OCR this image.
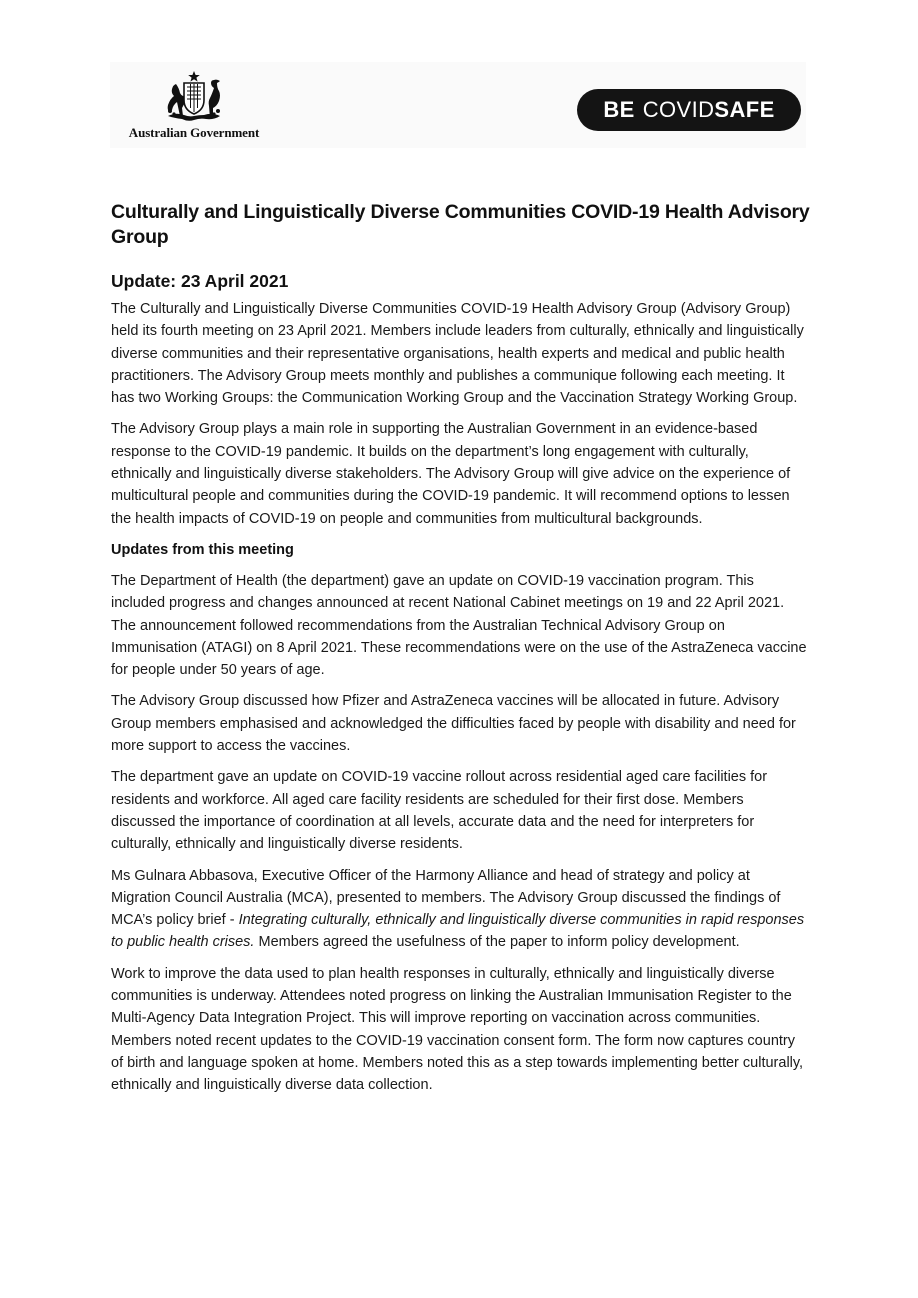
Australian Government
BE COVID SAFE
Culturally and Linguistically Diverse Communities COVID-19 Health Advisory Group
Update: 23 April 2021

The Culturally and Linguistically Diverse Communities COVID-19 Health Advisory Group (Advisory Group) held its fourth meeting on 23 April 2021. Members include leaders from culturally, ethnically and linguistically diverse communities and their representative organisations, health experts and medical and public health practitioners. The Advisory Group meets monthly and publishes a communique following each meeting. It has two Working Groups: the Communication Working Group and the Vaccination Strategy Working Group.

The Advisory Group plays a main role in supporting the Australian Government in an evidence-based response to the COVID-19 pandemic. It builds on the department’s long engagement with culturally, ethnically and linguistically diverse stakeholders. The Advisory Group will give advice on the experience of multicultural people and communities during the COVID-19 pandemic. It will recommend options to lessen the health impacts of COVID-19 on people and communities from multicultural backgrounds.

Updates from this meeting

The Department of Health (the department) gave an update on COVID-19 vaccination program. This included progress and changes announced at recent National Cabinet meetings on 19 and 22 April 2021. The announcement followed recommendations from the Australian Technical Advisory Group on Immunisation (ATAGI) on 8 April 2021. These recommendations were on the use of the AstraZeneca vaccine for people under 50 years of age.

The Advisory Group discussed how Pfizer and AstraZeneca vaccines will be allocated in future. Advisory Group members emphasised and acknowledged the difficulties faced by people with disability and need for more support to access the vaccines.

The department gave an update on COVID-19 vaccine rollout across residential aged care facilities for residents and workforce. All aged care facility residents are scheduled for their first dose. Members discussed the importance of coordination at all levels, accurate data and the need for interpreters for culturally, ethnically and linguistically diverse residents.

Ms Gulnara Abbasova, Executive Officer of the Harmony Alliance and head of strategy and policy at Migration Council Australia (MCA), presented to members. The Advisory Group discussed the findings of MCA’s policy brief - Integrating culturally, ethnically and linguistically diverse communities in rapid responses to public health crises. Members agreed the usefulness of the paper to inform policy development.

Work to improve the data used to plan health responses in culturally, ethnically and linguistically diverse communities is underway. Attendees noted progress on linking the Australian Immunisation Register to the Multi-Agency Data Integration Project. This will improve reporting on vaccination across communities. Members noted recent updates to the COVID-19 vaccination consent form. The form now captures country of birth and language spoken at home. Members noted this as a step towards implementing better culturally, ethnically and linguistically diverse data collection.
